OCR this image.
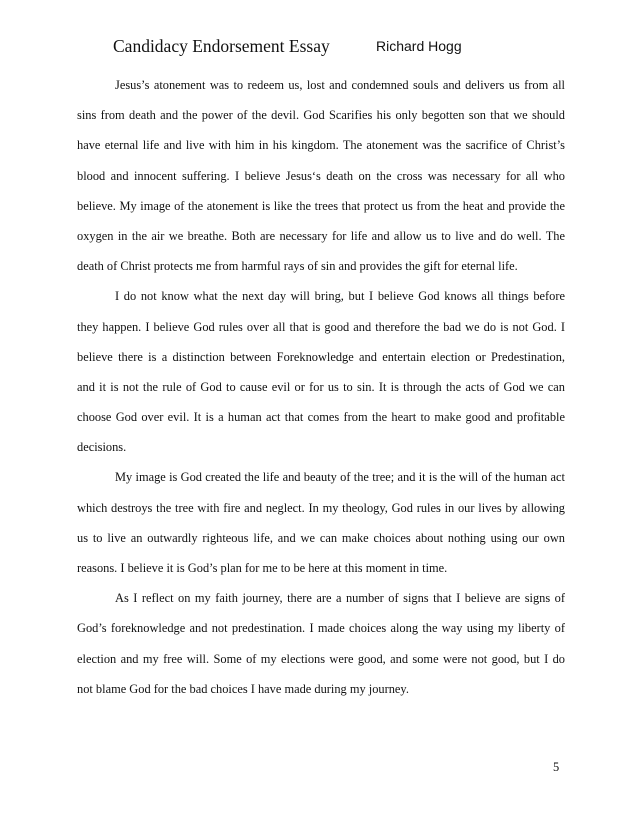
Candidacy Endorsement Essay	Richard Hogg
Jesus’s atonement was to redeem us, lost and condemned souls and delivers us from all
sins from death and the power of the devil. God Scarifies his only begotten son that we should
have eternal life and live with him in his kingdom. The atonement was the sacrifice of Christ’s
blood and innocent suffering. I believe Jesus‘s death on the cross was necessary for all who
believe. My image of the atonement is like the trees that protect us from the heat and provide the
oxygen in the air we breathe. Both are necessary for life and allow us to live and do well. The
death of Christ protects me from harmful rays of sin and provides the gift for eternal life.
I do not know what the next day will bring, but I believe God knows all things before
they happen. I believe God rules over all that is good and therefore the bad we do is not God. I
believe there is a distinction between Foreknowledge and entertain election or Predestination,
and it is not the rule of God to cause evil or for us to sin. It is through the acts of God we can
choose God over evil. It is a human act that comes from the heart to make good and profitable
decisions.
My image is God created the life and beauty of the tree; and it is the will of the human act
which destroys the tree with fire and neglect. In my theology, God rules in our lives by allowing
us to live an outwardly righteous life, and we can make choices about nothing using our own
reasons. I believe it is God’s plan for me to be here at this moment in time.
As I reflect on my faith journey, there are a number of signs that I believe are signs of
God’s foreknowledge and not predestination. I made choices along the way using my liberty of
election and my free will. Some of my elections were good, and some were not good, but I do
not blame God for the bad choices I have made during my journey.
5
